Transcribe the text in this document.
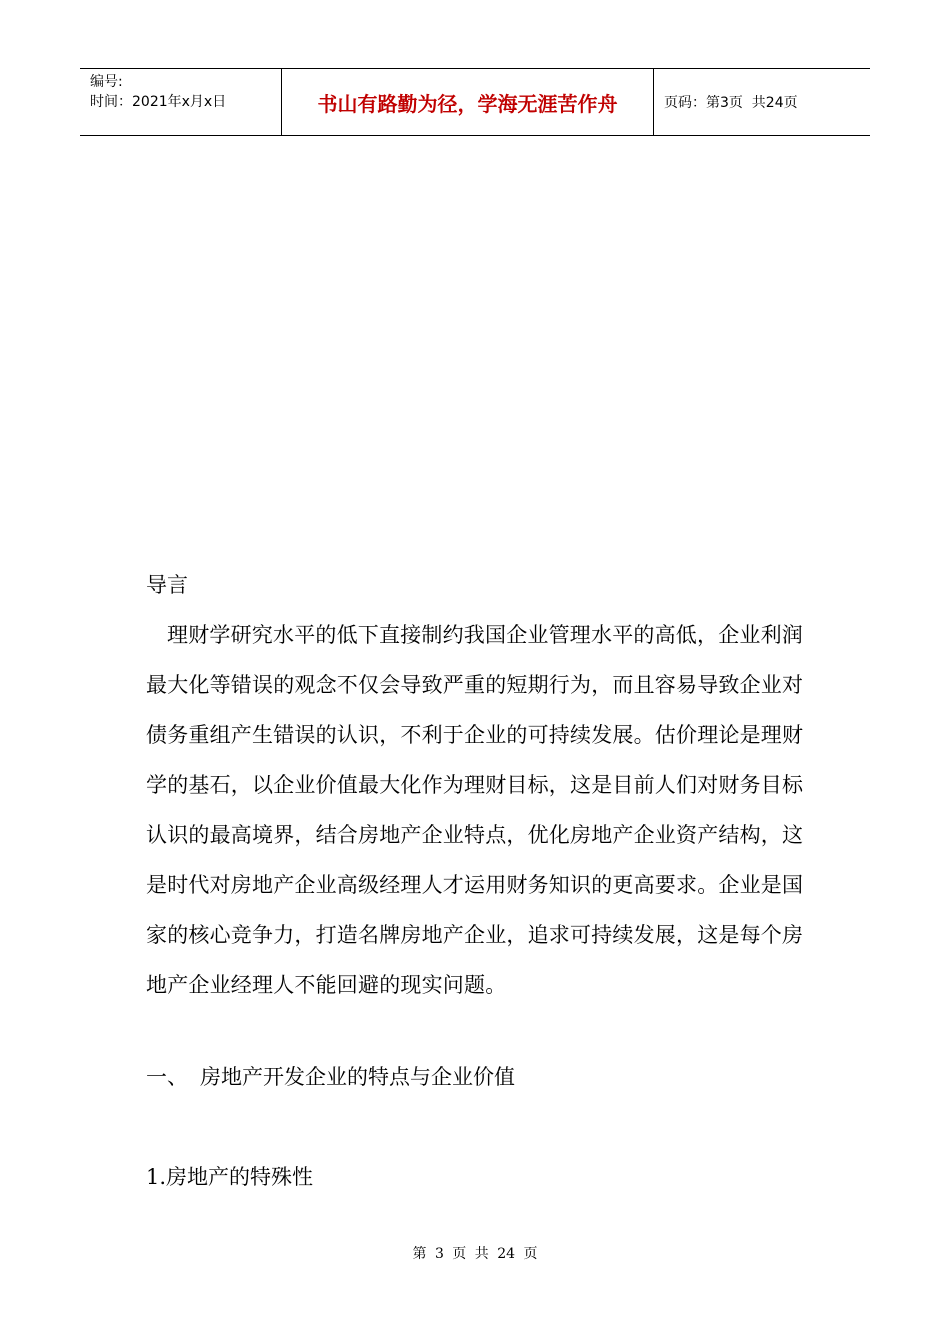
编号:
时间：2021年x月x日	书山有路勤为径，学海无涯苦作舟	页码：第3页  共24页

导言

理财学研究水平的低下直接制约我国企业管理水平的高低，企业利润最大化等错误的观念不仅会导致严重的短期行为，而且容易导致企业对债务重组产生错误的认识，不利于企业的可持续发展。估价理论是理财学的基石，以企业价值最大化作为理财目标，这是目前人们对财务目标认识的最高境界，结合房地产企业特点，优化房地产企业资产结构，这是时代对房地产企业高级经理人才运用财务知识的更高要求。企业是国家的核心竞争力，打造名牌房地产企业，追求可持续发展，这是每个房地产企业经理人不能回避的现实问题。

一、 房地产开发企业的特点与企业价值

1.房地产的特殊性

第 3 页 共 24 页
